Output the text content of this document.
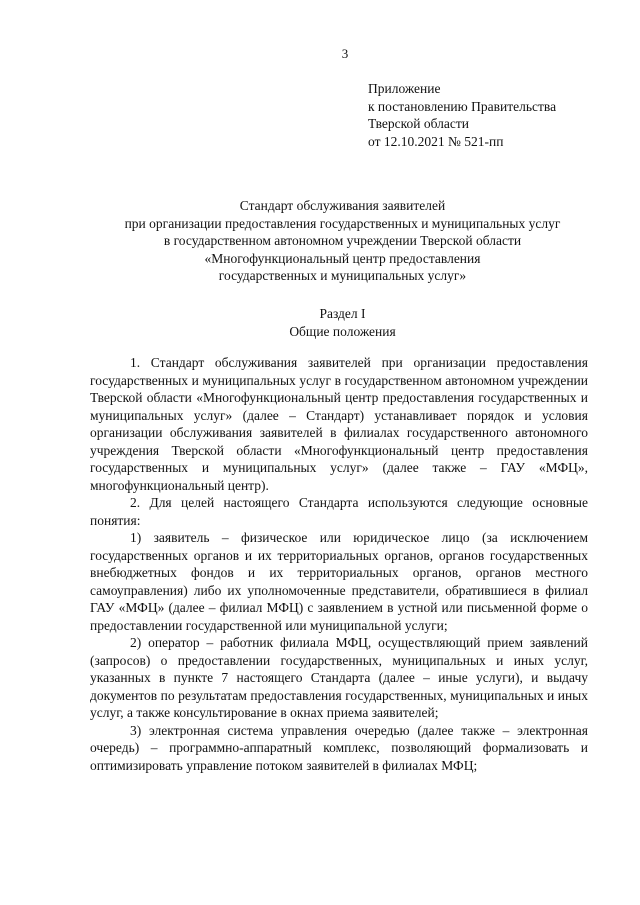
3
Приложение
к постановлению Правительства
Тверской области
от 12.10.2021 № 521-пп
Стандарт обслуживания заявителей
при организации предоставления государственных и муниципальных услуг
в государственном автономном учреждении Тверской области
«Многофункциональный центр предоставления
государственных и муниципальных услуг»
Раздел I
Общие положения

1. Стандарт обслуживания заявителей при организации предоставления государственных и муниципальных услуг в государственном автономном учреждении Тверской области «Многофункциональный центр предоставления государственных и муниципальных услуг» (далее – Стандарт) устанавливает порядок и условия организации обслуживания заявителей в филиалах государственного автономного учреждения Тверской области «Многофункциональный центр предоставления государственных и муниципальных услуг» (далее также – ГАУ «МФЦ», многофункциональный центр).

2. Для целей настоящего Стандарта используются следующие основные понятия:

1) заявитель – физическое или юридическое лицо (за исключением государственных органов и их территориальных органов, органов государственных внебюджетных фондов и их территориальных органов, органов местного самоуправления) либо их уполномоченные представители, обратившиеся в филиал ГАУ «МФЦ» (далее – филиал МФЦ) с заявлением в устной или письменной форме о предоставлении государственной или муниципальной услуги;

2) оператор – работник филиала МФЦ, осуществляющий прием заявлений (запросов) о предоставлении государственных, муниципальных и иных услуг, указанных в пункте 7 настоящего Стандарта (далее – иные услуги), и выдачу документов по результатам предоставления государственных, муниципальных и иных услуг, а также консультирование в окнах приема заявителей;

3) электронная система управления очередью (далее также – электронная очередь) – программно-аппаратный комплекс, позволяющий формализовать и оптимизировать управление потоком заявителей в филиалах МФЦ;
